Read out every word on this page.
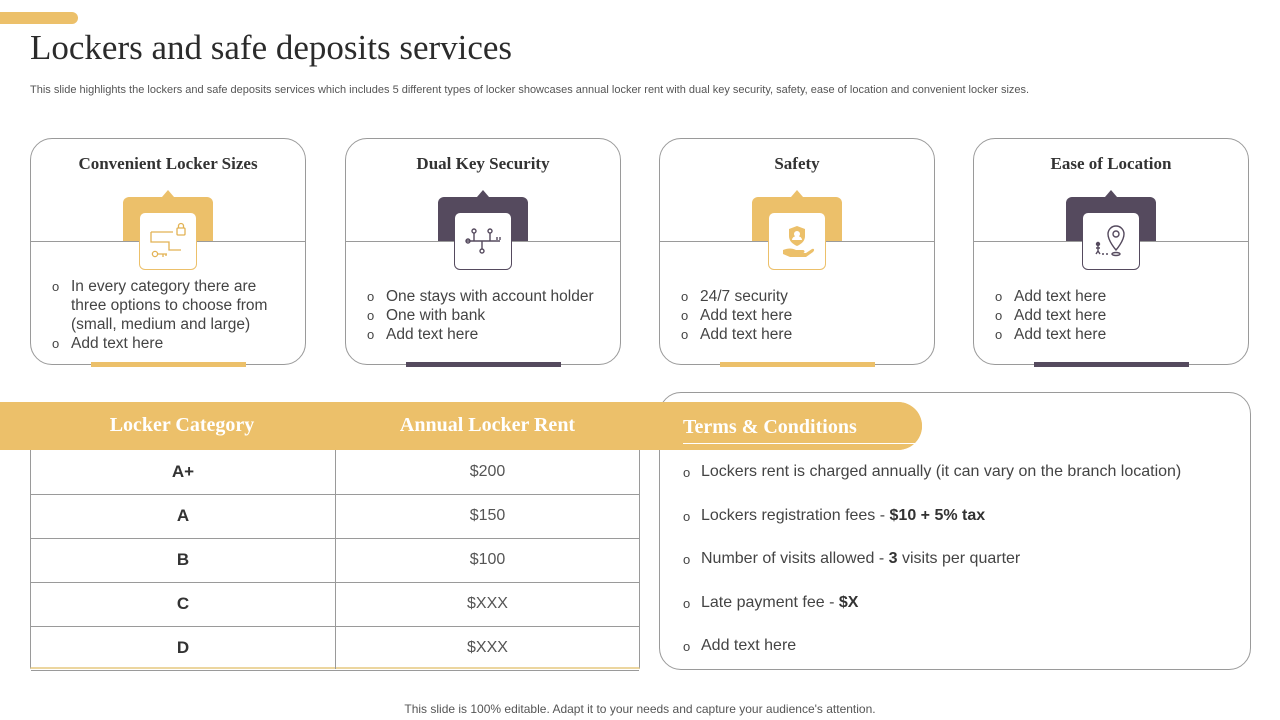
Lockers and safe deposits services
This slide highlights the lockers and safe deposits services which includes 5 different types of locker showcases annual locker rent with dual key security, safety, ease of location and convenient locker sizes.
Convenient Locker Sizes
o In every category there are three options to choose from (small, medium and large)
o Add text here
Dual Key Security
o One stays with account holder
o One with bank
o Add text here
Safety
o 24/7 security
o Add text here
o Add text here
Ease of Location
o Add text here
o Add text here
o Add text here
Locker Category	Annual Locker Rent
A+	$200
A	$150
B	$100
C	$XXX
D	$XXX
Terms & Conditions
o Lockers rent is charged annually (it can vary on the branch location)
o Lockers registration fees - $10 + 5% tax
o Number of visits allowed - 3 visits per quarter
o Late payment fee - $X
o Add text here
This slide is 100% editable. Adapt it to your needs and capture your audience's attention.
